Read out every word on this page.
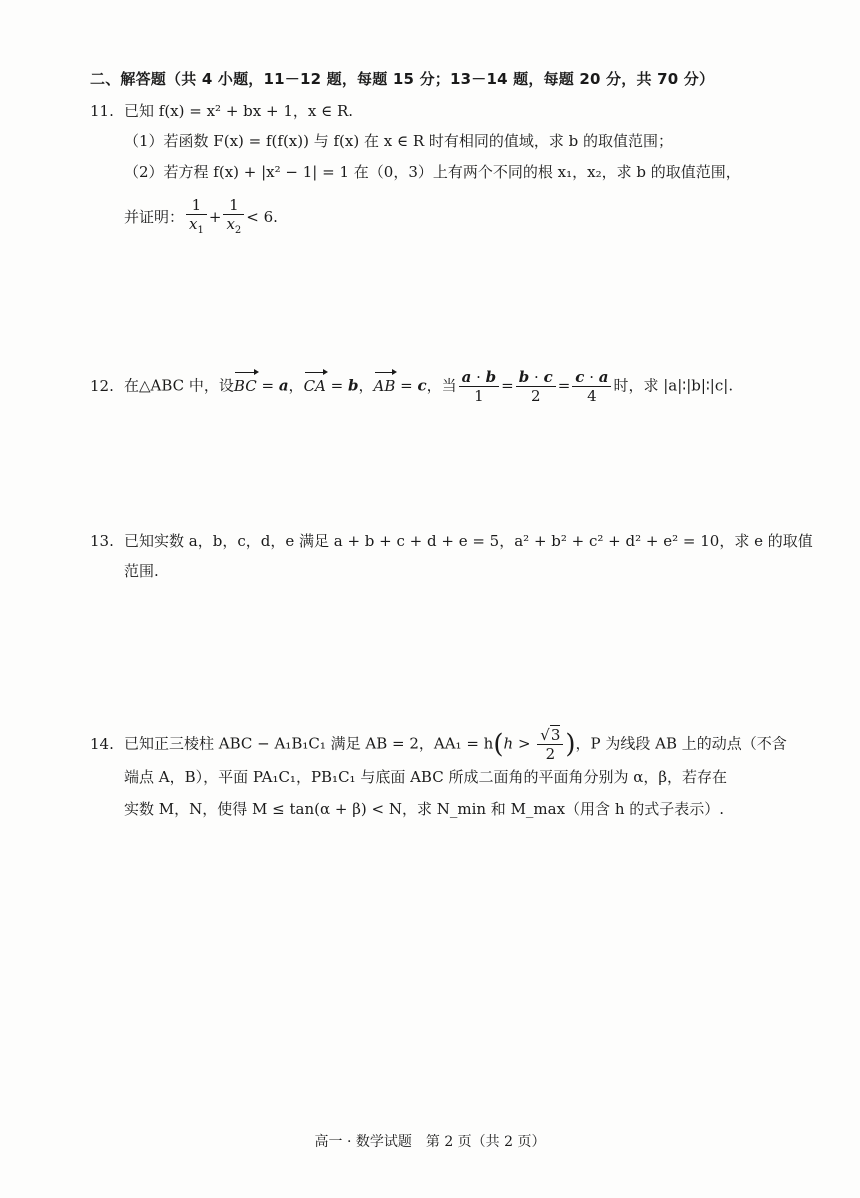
二、解答题（共 4 小题，11－12 题，每题 15 分；13－14 题，每题 20 分，共 70 分）
11. 已知 f(x) = x² + bx + 1，x ∈ R.
（1）若函数 F(x) = f(f(x)) 与 f(x) 在 x ∈ R 时有相同的值域，求 b 的取值范围；
（2）若方程 f(x) + |x² − 1| = 1 在（0，3）上有两个不同的根 x₁，x₂，求 b 的取值范围，
并证明： $\frac{1}{x_1} + \frac{1}{x_2} < 6$.
12. 在△ABC 中，设BC = a，CA = b，AB = c，当 $\frac{a \cdot b}{1} = \frac{b \cdot c}{2} = \frac{c \cdot a}{4}$ 时，求 |a|∶|b|∶|c|.
13. 已知实数 a，b，c，d，e 满足 a + b + c + d + e = 5，a² + b² + c² + d² + e² = 10，求 e 的取值
范围.
14. 已知正三棱柱 ABC − A₁B₁C₁ 满足 AB = 2，$AA_1 = h(h > \frac{√3}{2}$ )，P 为线段 AB 上的动点（不含
端点 A，B），平面 PA₁C₁，PB₁C₁ 与底面 ABC 所成二面角的平面角分别为 α，β，若存在
实数 M，N，使得 M ≤ tan(α + β) < N，求 N_min 和 M_max（用含 h 的式子表示）.
高一 · 数学试题　第 2 页（共 2 页）
